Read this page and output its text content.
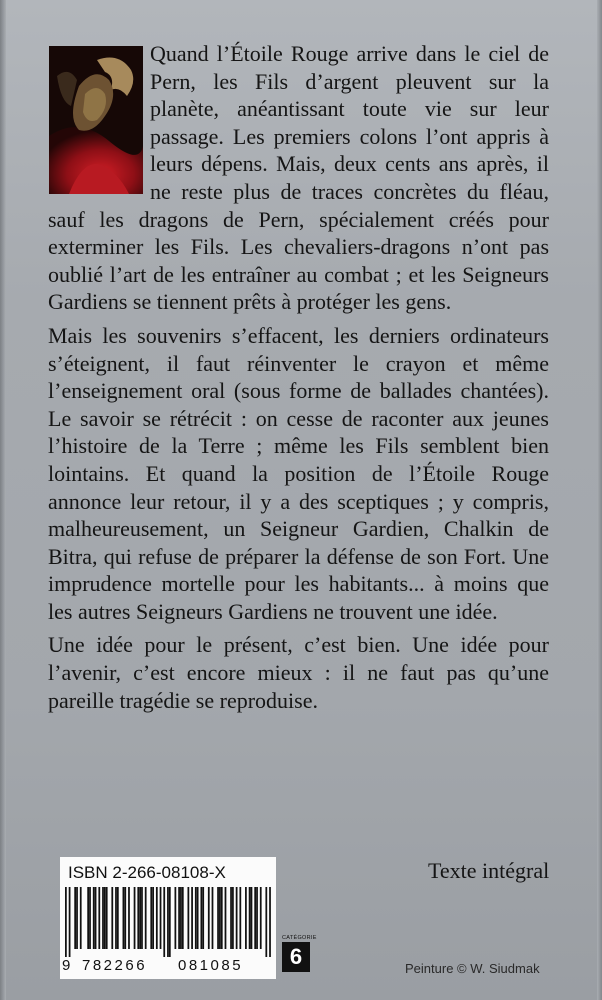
Quand l’Étoile Rouge arrive dans le ciel de Pern, les Fils d’argent pleuvent sur la planète, anéantissant toute vie sur leur passage. Les premiers colons l’ont appris à leurs dépens. Mais, deux cents ans après, il ne reste plus de traces concrètes du fléau, sauf les dragons de Pern, spécialement créés pour exterminer les Fils. Les chevaliers-dragons n’ont pas oublié l’art de les entraîner au combat ; et les Seigneurs Gardiens se tiennent prêts à protéger les gens.

Mais les souvenirs s’effacent, les derniers ordinateurs s’éteignent, il faut réinventer le crayon et même l’enseignement oral (sous forme de ballades chantées). Le savoir se rétrécit : on cesse de raconter aux jeunes l’histoire de la Terre ; même les Fils semblent bien lointains. Et quand la position de l’Étoile Rouge annonce leur retour, il y a des sceptiques ; y compris, malheureusement, un Seigneur Gardien, Chalkin de Bitra, qui refuse de préparer la défense de son Fort. Une imprudence mortelle pour les habitants... à moins que les autres Seigneurs Gardiens ne trouvent une idée.

Une idée pour le présent, c’est bien. Une idée pour l’avenir, c’est encore mieux : il ne faut pas qu’une pareille tragédie se reproduise.

Texte intégral
ISBN 2-266-08108-X
9 782266 081085
CATÉGORIE
6	Peinture © W. Siudmak
